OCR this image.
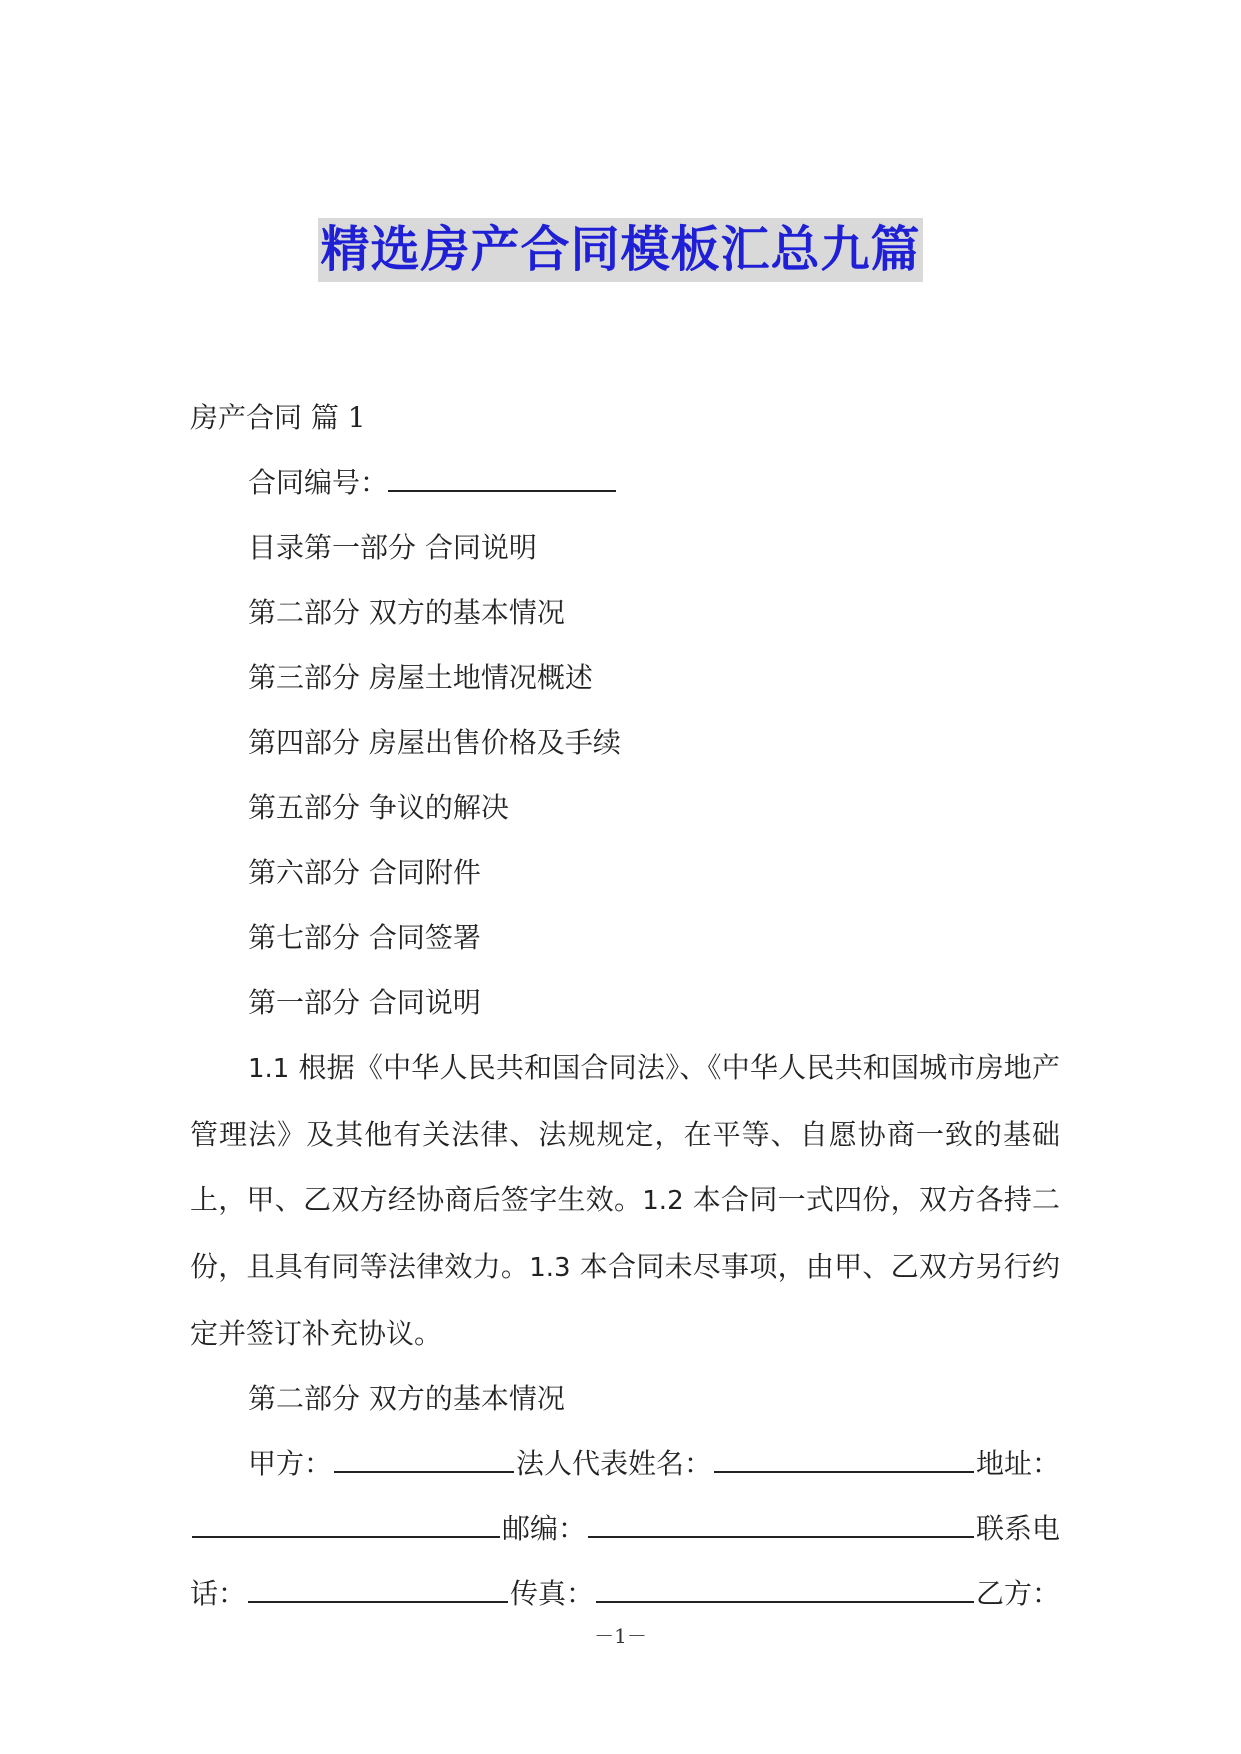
精选房产合同模板汇总九篇
房产合同 篇 1
合同编号：
目录第一部分 合同说明
第二部分 双方的基本情况
第三部分 房屋土地情况概述
第四部分 房屋出售价格及手续
第五部分 争议的解决
第六部分 合同附件
第七部分 合同签署
第一部分 合同说明
1.1 根据《中华人民共和国合同法》、《中华人民共和国城市房地产管理法》及其他有关法律、法规规定，在平等、自愿协商一致的基础上，甲、乙双方经协商后签字生效。1.2 本合同一式四份，双方各持二份，且具有同等法律效力。1.3 本合同未尽事项，由甲、乙双方另行约定并签订补充协议。
第二部分 双方的基本情况
甲方：	法人代表姓名：	地址：
邮编：	联系电
话：	传真：	乙方：
－1－
